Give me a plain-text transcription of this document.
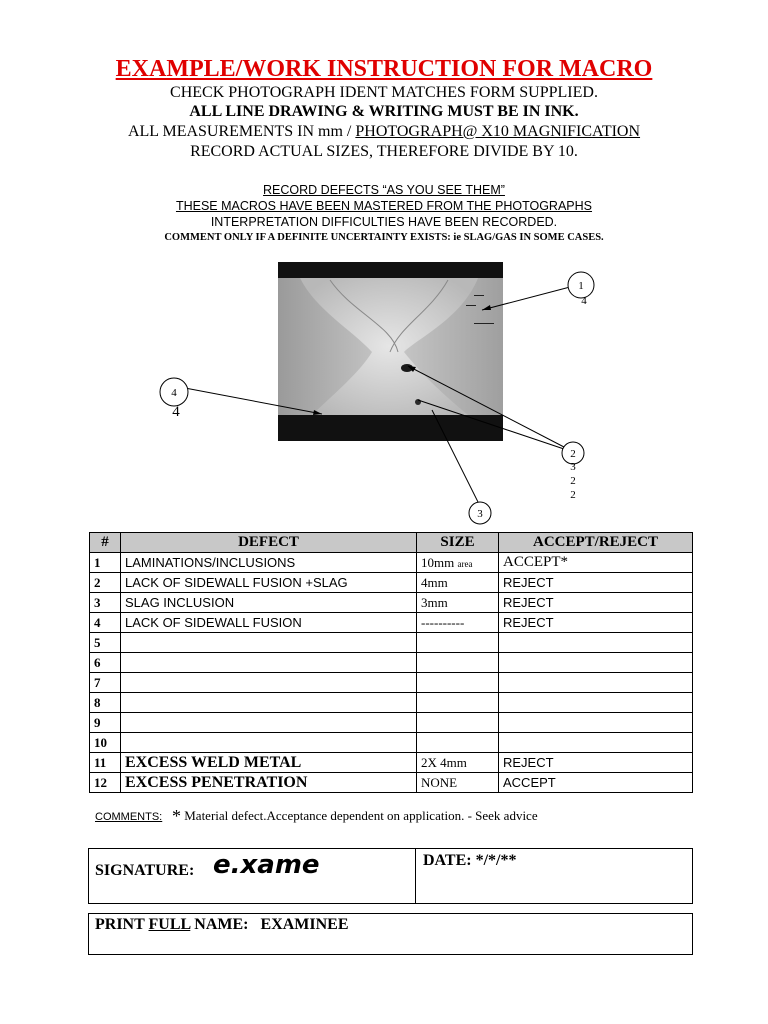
EXAMPLE/WORK INSTRUCTION FOR MACRO
CHECK PHOTOGRAPH IDENT MATCHES FORM SUPPLIED.
ALL LINE DRAWING & WRITING MUST BE IN INK.
ALL MEASUREMENTS IN mm / PHOTOGRAPH@ X10 MAGNIFICATION
RECORD ACTUAL SIZES, THEREFORE DIVIDE BY 10.
RECORD DEFECTS “AS YOU SEE THEM”
THESE MACROS HAVE BEEN MASTERED FROM THE PHOTOGRAPHS
INTERPRETATION DIFFICULTIES HAVE BEEN RECORDED.
COMMENT ONLY IF A DEFINITE UNCERTAINTY EXISTS: ie SLAG/GAS IN SOME CASES.
1
4
2
3
2
2
3
4
4
#	DEFECT	SIZE	ACCEPT/REJECT
1	LAMINATIONS/INCLUSIONS	10mm area	ACCEPT*
2	LACK OF SIDEWALL FUSION +SLAG	4mm	REJECT
3	SLAG INCLUSION	3mm	REJECT
4	LACK OF SIDEWALL FUSION	----------	REJECT
5			
6			
7			
8			
9			
10			
11	EXCESS WELD METAL	2X 4mm	REJECT
12	EXCESS PENETRATION	NONE	ACCEPT
COMMENTS: * Material defect.Acceptance dependent on application. - Seek advice
SIGNATURE: e.xame	DATE: */*/**
PRINT FULL NAME:   EXAMINEE
